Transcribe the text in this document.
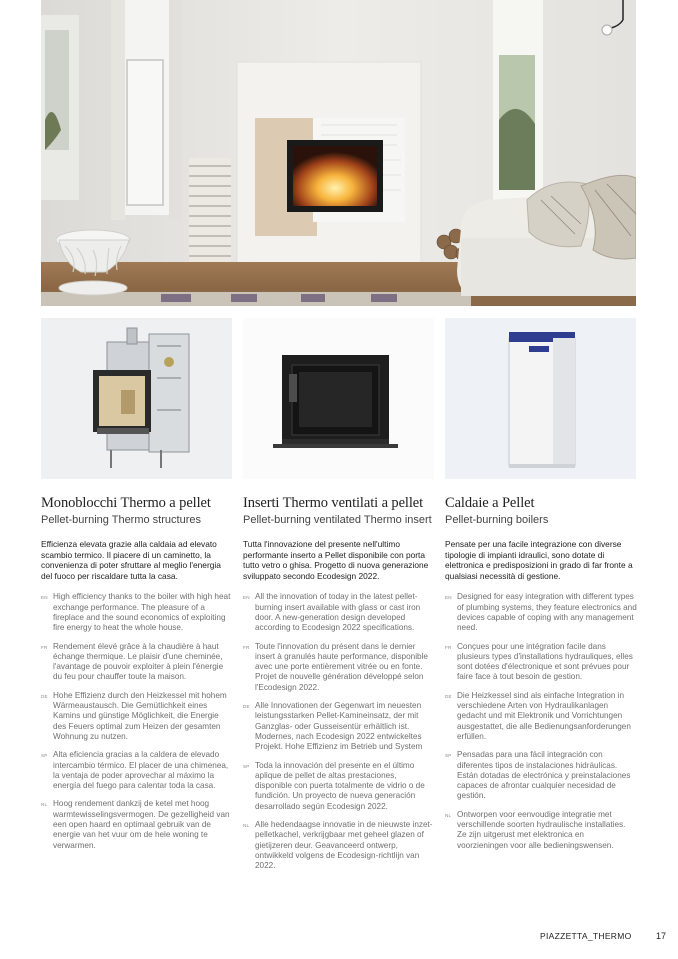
Monoblocchi Thermo a pellet
Pellet-burning Thermo structures
Efficienza elevata grazie alla caldaia ad elevato scambio termico. Il piacere di un caminetto, la convenienza di poter sfruttare al meglio l'energia del fuoco per riscaldare tutta la casa.
EN High efficiency thanks to the boiler with high heat exchange performance. The pleasure of a fireplace and the sound economics of exploiting fire energy to heat the whole house.
FR Rendement élevé grâce à la chaudière à haut échange thermique. Le plaisir d'une cheminée, l'avantage de pouvoir exploiter à plein l'énergie du feu pour chauffer toute la maison.
DE Hohe Effizienz durch den Heizkessel mit hohem Wärmeaustausch. Die Gemütlichkeit eines Kamins und günstige Möglichkeit, die Energie des Feuers optimal zum Heizen der gesamten Wohnung zu nutzen.
SP Alta eficiencia gracias a la caldera de elevado intercambio térmico. El placer de una chimenea, la ventaja de poder aprovechar al máximo la energía del fuego para calentar toda la casa.
NL Hoog rendement dankzij de ketel met hoog warmtewisselingsvermogen. De gezelligheid van een open haard en optimaal gebruik van de energie van het vuur om de hele woning te verwarmen.
Inserti Thermo ventilati a pellet
Pellet-burning ventilated Thermo insert
Tutta l'innovazione del presente nell'ultimo performante inserto a Pellet disponibile con porta tutto vetro o ghisa. Progetto di nuova generazione sviluppato secondo Ecodesign 2022.
EN All the innovation of today in the latest pellet-burning insert available with glass or cast iron door. A new-generation design developed according to Ecodesign 2022 specifications.
FR Toute l'innovation du présent dans le dernier insert à granulés haute performance, disponible avec une porte entièrement vitrée ou en fonte. Projet de nouvelle génération développé selon l'Ecodesign 2022.
DE Alle Innovationen der Gegenwart im neuesten leistungsstarken Pellet-Kamineinsatz, der mit Ganzglas- oder Gusseisentür erhältlich ist. Modernes, nach Ecodesign 2022 entwickeltes Projekt. Hohe Effizienz im Betrieb und System
SP Toda la innovación del presente en el último aplique de pellet de altas prestaciones, disponible con puerta totalmente de vidrio o de fundición. Un proyecto de nueva generación desarrollado según Ecodesign 2022.
NL Alle hedendaagse innovatie in de nieuwste inzet-pelletkachel, verkrijgbaar met geheel glazen of gietijzeren deur. Geavanceerd ontwerp, ontwikkeld volgens de Ecodesign-richtlijn van 2022.
Caldaie a Pellet
Pellet-burning boilers
Pensate per una facile integrazione con diverse tipologie di impianti idraulici, sono dotate di elettronica e predisposizioni in grado di far fronte a qualsiasi necessità di gestione.
EN Designed for easy integration with different types of plumbing systems, they feature electronics and devices capable of coping with any management need.
FR Conçues pour une intégration facile dans plusieurs types d'installations hydrauliques, elles sont dotées d'électronique et sont prévues pour faire face à tout besoin de gestion.
DE Die Heizkessel sind als einfache Integration in verschiedene Arten von Hydraulikanlagen gedacht und mit Elektronik und Vorrichtungen ausgestattet, die alle Bedienungsanforderungen erfüllen.
SP Pensadas para una fácil integración con diferentes tipos de instalaciones hidráulicas. Están dotadas de electrónica y preinstalaciones capaces de afrontar cualquier necesidad de gestión.
NL Ontworpen voor eenvoudige integratie met verschillende soorten hydraulische installaties. Ze zijn uitgerust met elektronica en voorzieningen voor alle bedieningswensen.
PIAZZETTA_THERMO	17
